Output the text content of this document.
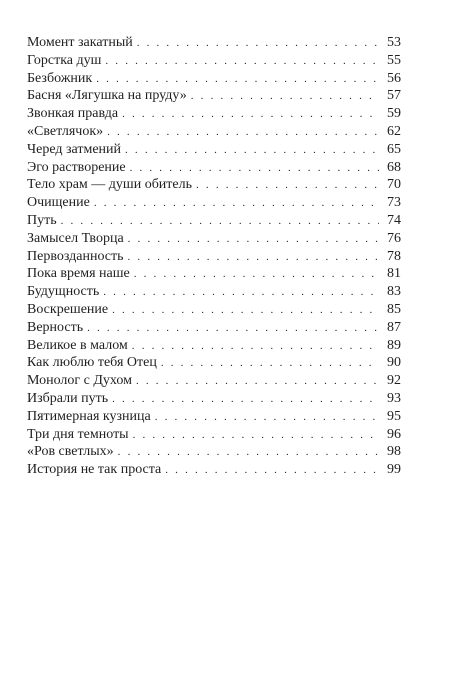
Момент закатный . . .	53
Горстка душ . . .	55
Безбожник . . .	56
Басня «Лягушка на пруду» . . .	57
Звонкая правда . . .	59
«Светлячок» . . .	62
Черед затмений . . .	65
Эго растворение . . .	68
Тело храм — души обитель . . .	70
Очищение . . .	73
Путь . . .	74
Замысел Творца . . .	76
Первозданность . . .	78
Пока время наше . . .	81
Будущность . . .	83
Воскрешение . . .	85
Верность . . .	87
Великое в малом . . .	89
Как люблю тебя Отец . . .	90
Монолог с Духом . . .	92
Избрали путь . . .	93
Пятимерная кузница . . .	95
Три дня темноты . . .	96
«Ров светлых» . . .	98
История не так проста . . .	99
